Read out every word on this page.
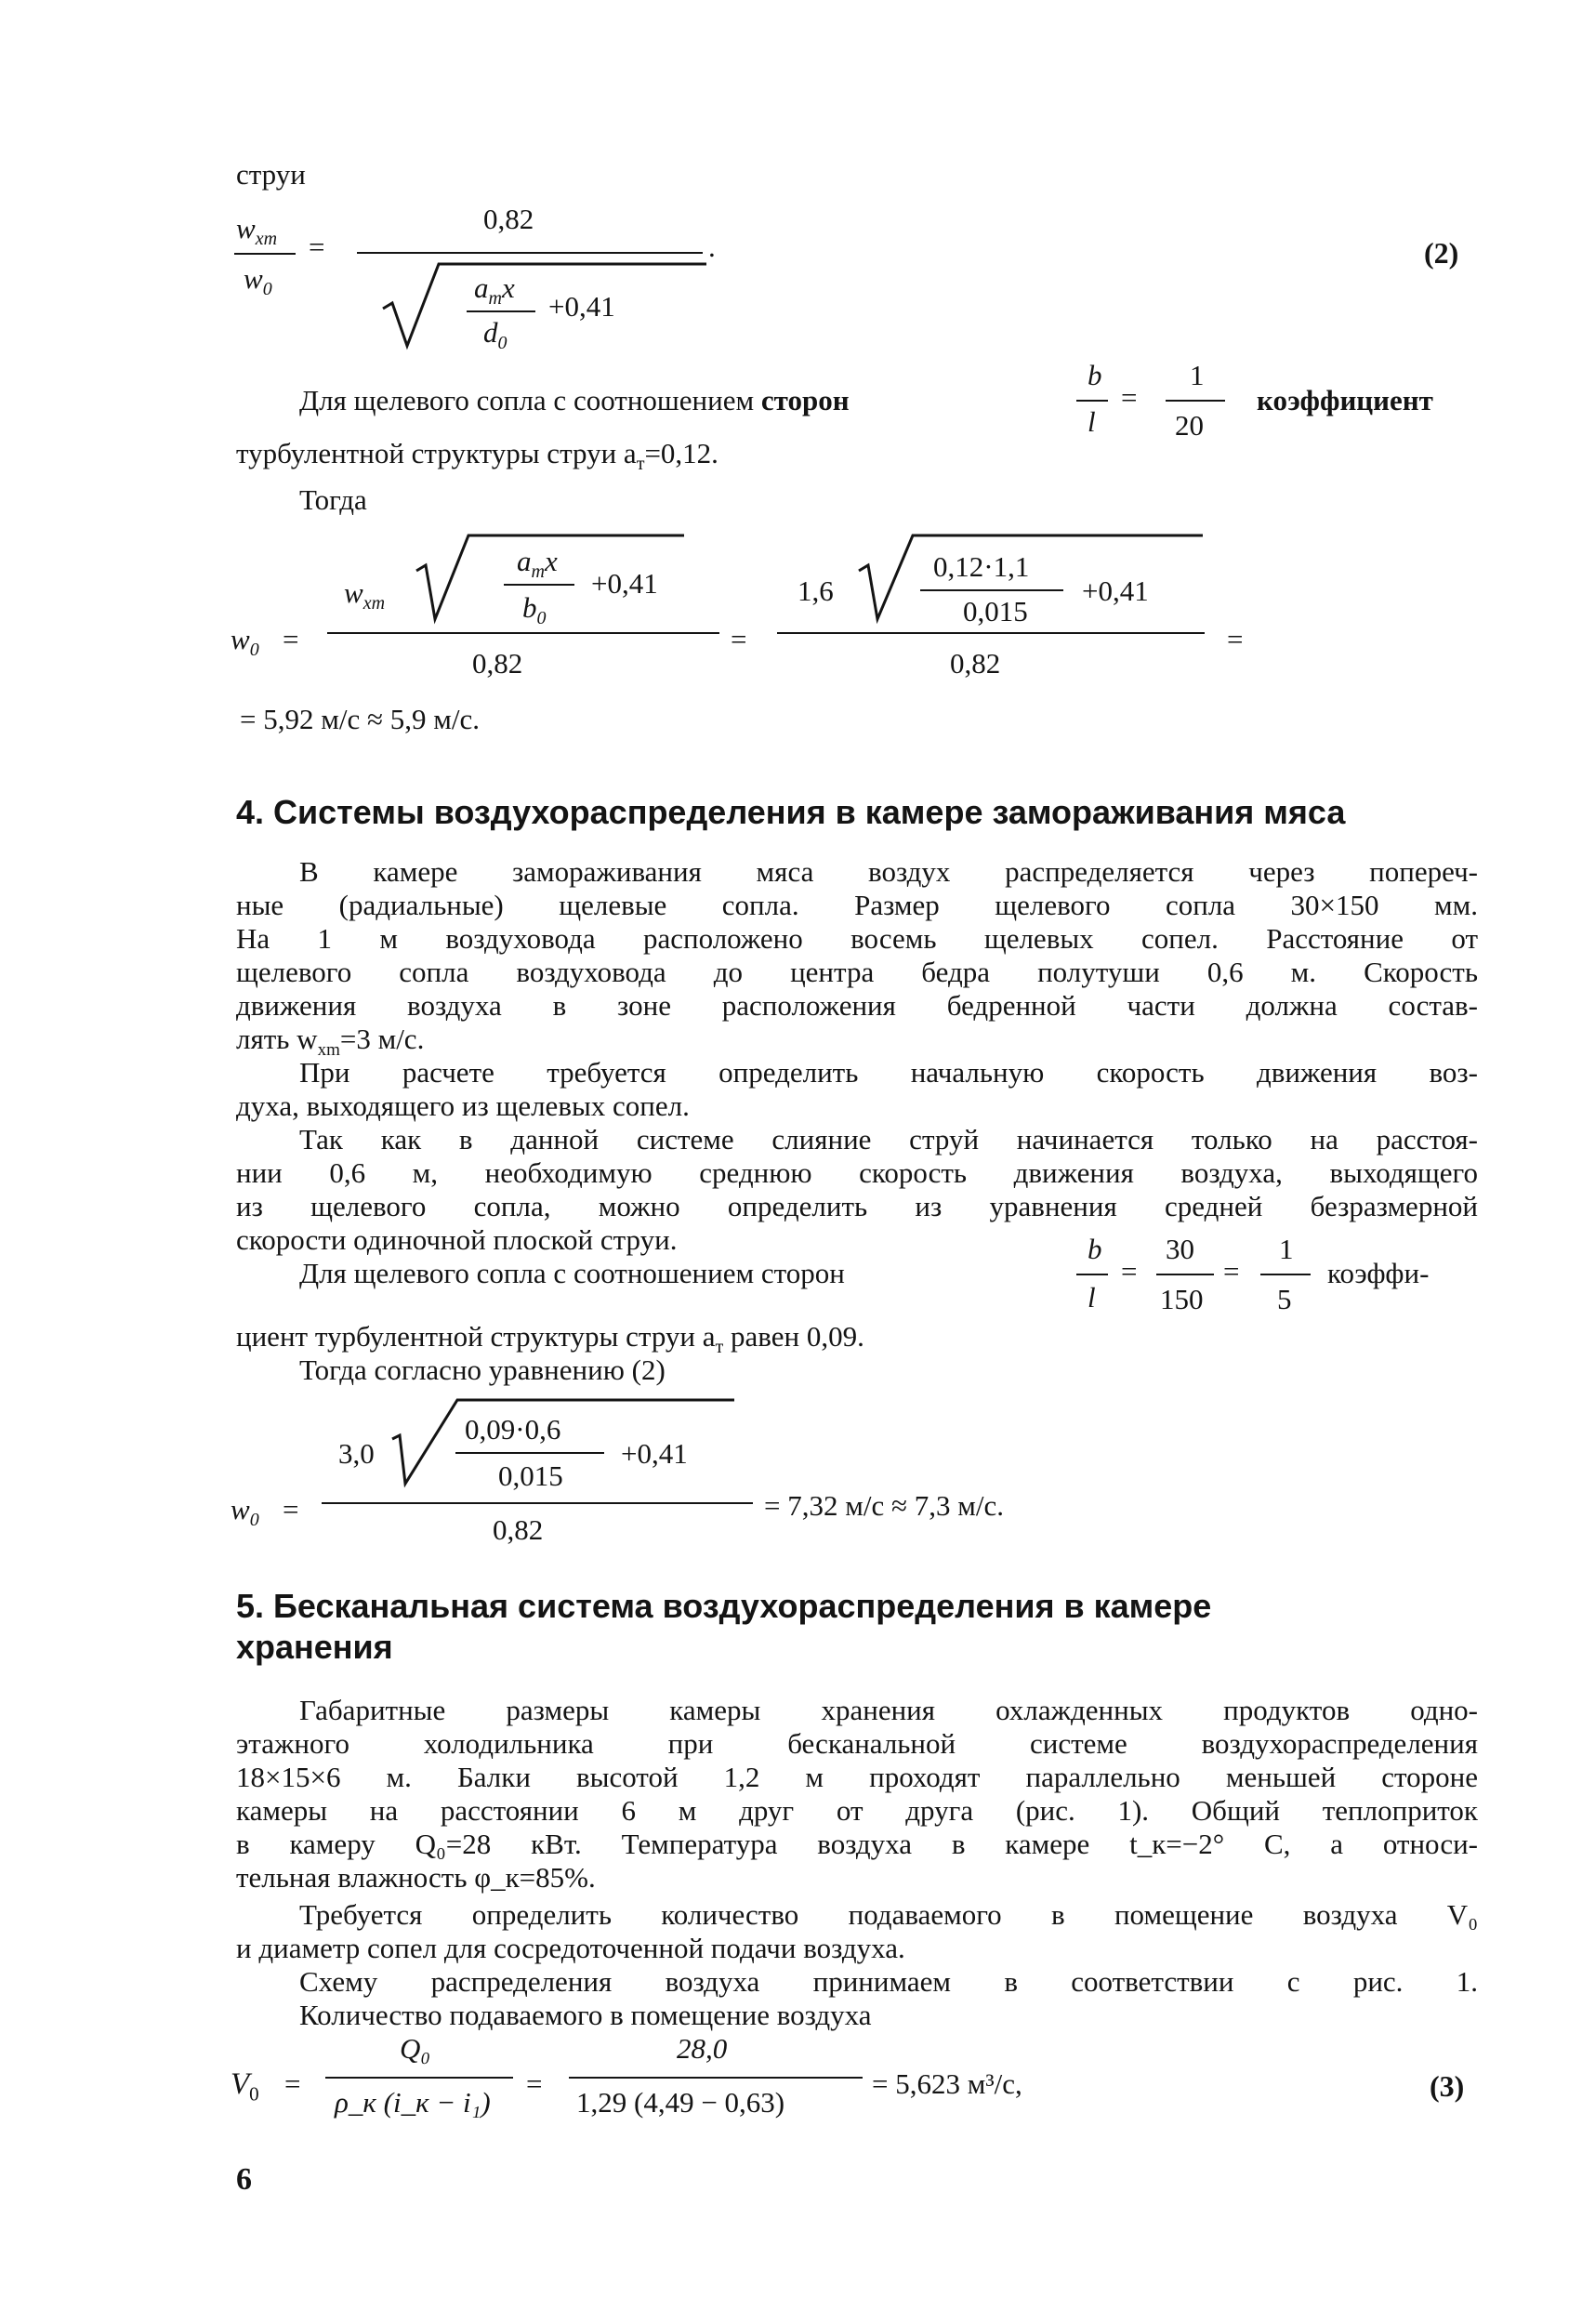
струи
$w_{xm}$
$w_0$
=
0,82
$a_тx$
$d_0$
+0,41
.	(2)
Для щелевого сопла с соотношением сторон
b
l
=
1
20
коэффициент
турбулентной структуры струи $a_т=0,12$.
Тогда
$w_0$ =
$w_{xm}$
$a_тx$
$b_0$
+0,41
0,82
=
1,6
0,12·1,1
0,015
+0,41
0,82
=
= 5,92 м/с ≈ 5,9 м/с.
4. Системы воздухораспределения в камере замораживания мяса
В камере замораживания мяса воздух распределяется через попереч-
ные (радиальные) щелевые сопла. Размер щелевого сопла 30×150 мм.
На 1 м воздуховода расположено восемь щелевых сопел. Расстояние от
щелевого сопла воздуховода до центра бедра полутуши 0,6 м. Скорость
движения воздуха в зоне расположения бедренной части должна состав-
лять $w_{xm}=3$ м/с.
При расчете требуется определить начальную скорость движения воз-
духа, выходящего из щелевых сопел.
Так как в данной системе слияние струй начинается только на расстоя-
нии 0,6 м, необходимую среднюю скорость движения воздуха, выходящего
из щелевого сопла, можно определить из уравнения средней безразмерной
скорости одиночной плоской струи.
Для щелевого сопла с соотношением сторон
b
l
=
30
150
=
1
5
коэффи-
циент турбулентной структуры струи $a_т$ равен 0,09.
Тогда согласно уравнению (2)
$w_0$ =
3,0
0,09·0,6
0,015
+0,41
0,82
= 7,32 м/с ≈ 7,3 м/с.
5. Бесканальная система воздухораспределения в камере
хранения
Габаритные размеры камеры хранения охлажденных продуктов одно-
этажного холодильника при бесканальной системе воздухораспределения
18×15×6 м. Балки высотой 1,2 м проходят параллельно меньшей стороне
камеры на расстоянии 6 м друг от друга (рис. 1). Общий теплоприток
в камеру Q₀=28 кВт. Температура воздуха в камере t_к=−2° С, а относи-
тельная влажность φ_к=85%.
Требуется определить количество подаваемого в помещение воздуха V₀
и диаметр сопел для сосредоточенной подачи воздуха.
Схему распределения воздуха принимаем в соответствии с рис. 1.
Количество подаваемого в помещение воздуха
$V_0$ =
Q₀
ρ_к (i_к − i₁)
=
28,0
1,29 (4,49 − 0,63)
= 5,623 м³/с,	(3)
6
